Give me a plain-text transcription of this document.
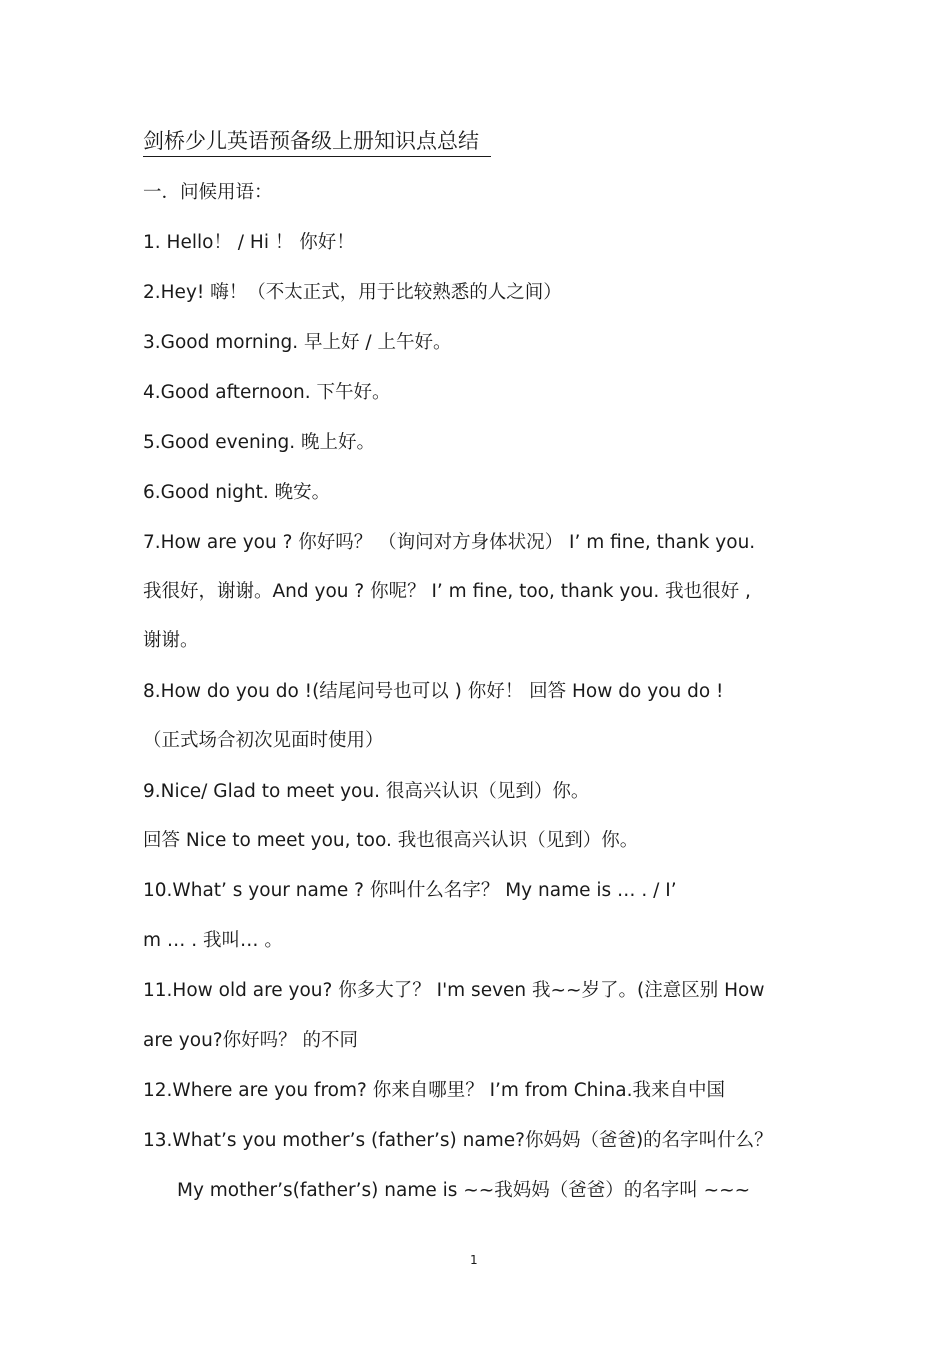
剑桥少儿英语预备级上册知识点总结
一．问候用语：
1. Hello！ / Hi ！ 你好！
2.Hey! 嗨！（不太正式，用于比较熟悉的人之间）
3.Good morning. 早上好 / 上午好。
4.Good afternoon. 下午好。
5.Good evening. 晚上好。
6.Good night. 晚安。
7.How are you ? 你好吗？ （询问对方身体状况） I’ m fine, thank you.
我很好，谢谢。And you ? 你呢？ I’ m fine, too, thank you. 我也很好 ,
谢谢。
8.How do you do !(结尾问号也可以 ) 你好！ 回答 How do you do !
（正式场合初次见面时使用）
9.Nice/ Glad to meet you. 很高兴认识（见到）你。
回答 Nice to meet you, too. 我也很高兴认识（见到）你。
10.What’ s your name ? 你叫什么名字？ My name is … . / I’
m … . 我叫… 。
11.How old are you? 你多大了？ I'm seven 我~~岁了。(注意区别 How
are you?你好吗？ 的不同
12.Where are you from? 你来自哪里？ I’m from China.我来自中国
13.What’s you mother’s (father’s) name?你妈妈（爸爸)的名字叫什么？
My mother’s(father’s) name is ~~我妈妈（爸爸）的名字叫 ~~~
1
